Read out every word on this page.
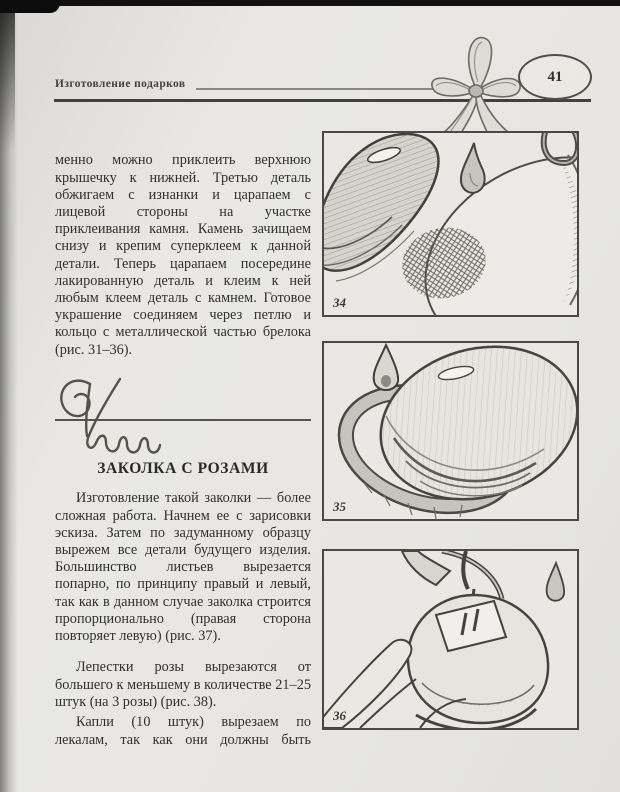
Изготовление подарков	41

менно можно приклеить верхнюю крышечку к нижней. Третью деталь обжигаем с изнанки и царапаем с лицевой стороны на участке приклеивания камня. Камень зачищаем снизу и крепим суперклеем к данной детали. Теперь царапаем посередине лакированную деталь и клеим к ней любым клеем деталь с камнем. Готовое украшение соединяем через петлю и кольцо с металлической частью брелока (рис. 31–36).

ЗАКОЛКА С РОЗАМИ

Изготовление такой заколки — более сложная работа. Начнем ее с зарисовки эскиза. Затем по задуманному образцу вырежем все детали будущего изделия. Большинство листьев вырезается попарно, по принципу правый и левый, так как в данном случае заколка строится пропорционально (правая сторона повторяет левую) (рис. 37).

Лепестки розы вырезаются от большего к меньшему в количестве 21–25 штук (на 3 розы) (рис. 38).

Капли (10 штук) вырезаем по лекалам, так как они должны быть

34
35
36
